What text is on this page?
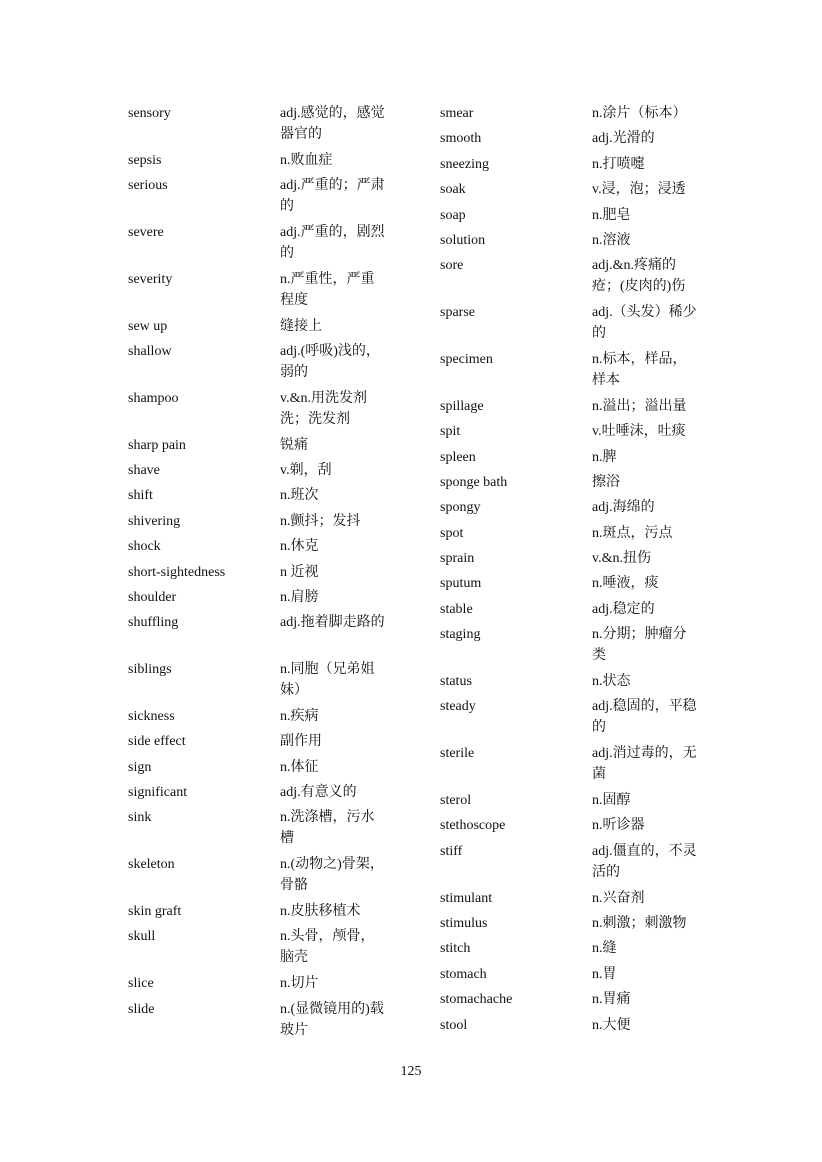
sensory	adj.感觉的，感觉器官的
sepsis	n.败血症
serious	adj.严重的；严肃的
severe	adj.严重的，剧烈的
severity	n.严重性，严重程度
sew up	缝接上
shallow	adj.(呼吸)浅的，弱的
shampoo	v.&n.用洗发剂洗；洗发剂
sharp pain	锐痛
shave	v.剃，刮
shift	n.班次
shivering	n.颤抖；发抖
shock	n.休克
short-sightedness	n 近视
shoulder	n.肩膀
shuffling	adj.拖着脚走路的
siblings	n.同胞（兄弟姐妹）
sickness	n.疾病
side effect	副作用
sign	n.体征
significant	adj.有意义的
sink	n.洗涤槽，污水槽
skeleton	n.(动物之)骨架，骨骼
skin graft	n.皮肤移植术
skull	n.头骨，颅骨，脑壳
slice	n.切片
slide	n.(显微镜用的)载玻片
smear	n.涂片（标本）
smooth	adj.光滑的
sneezing	n.打喷嚏
soak	v.浸，泡；浸透
soap	n.肥皂
solution	n.溶液
sore	adj.&n.疼痛的疮；(皮肉的)伤
sparse	adj.（头发）稀少的
specimen	n.标本，样品，样本
spillage	n.溢出；溢出量
spit	v.吐唾沫，吐痰
spleen	n.脾
sponge bath	擦浴
spongy	adj.海绵的
spot	n.斑点，污点
sprain	v.&n.扭伤
sputum	n.唾液，痰
stable	adj.稳定的
staging	n.分期；肿瘤分类
status	n.状态
steady	adj.稳固的，平稳的
sterile	adj.消过毒的，无菌
sterol	n.固醇
stethoscope	n.听诊器
stiff	adj.僵直的，不灵活的
stimulant	n.兴奋剂
stimulus	n.刺激；刺激物
stitch	n.缝
stomach	n.胃
stomachache	n.胃痛
stool	n.大便
125
